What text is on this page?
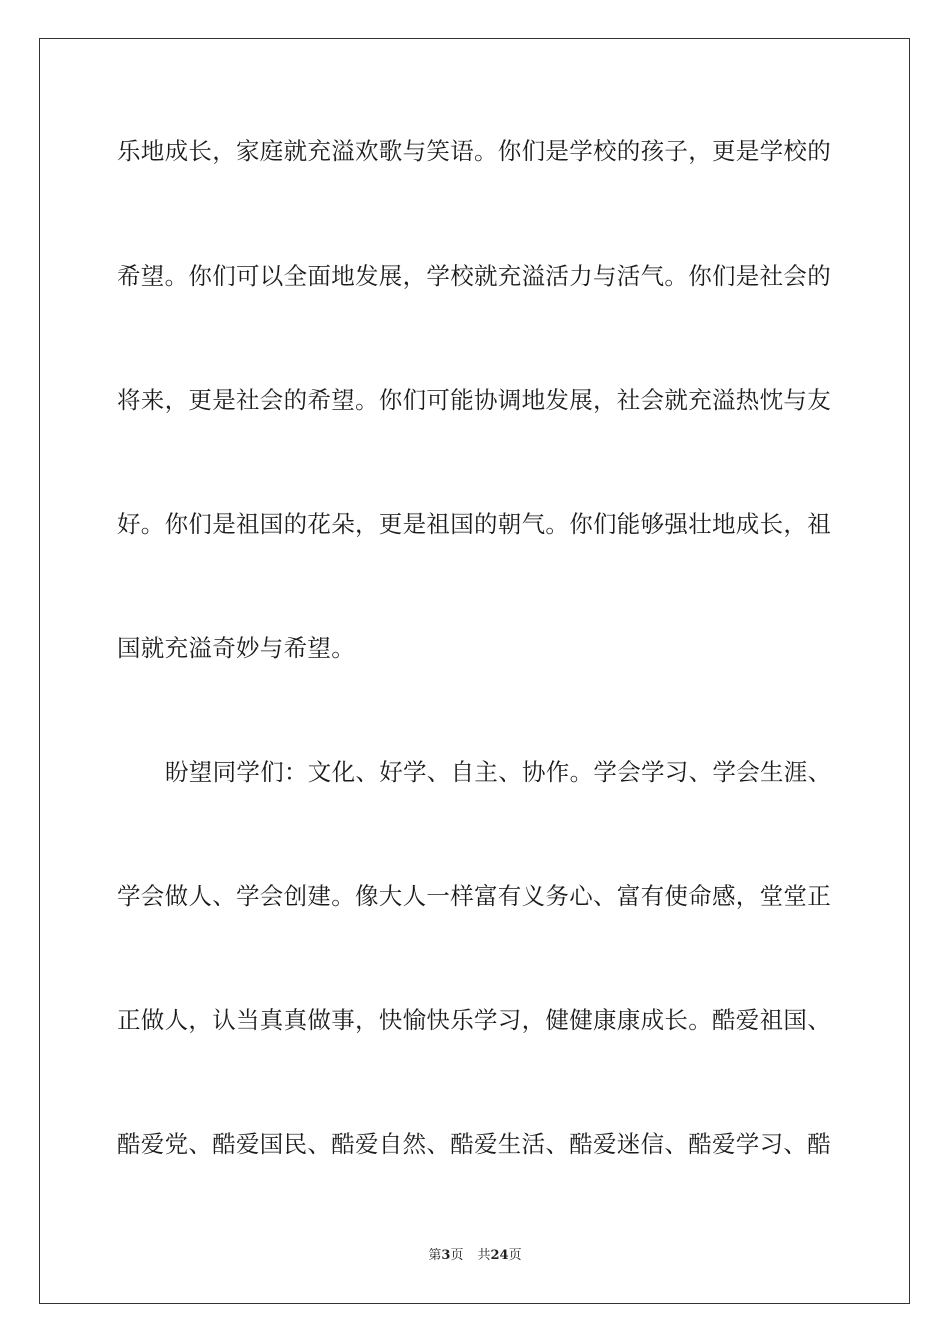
乐地成长，家庭就充溢欢歌与笑语。你们是学校的孩子，更是学校的
希望。你们可以全面地发展，学校就充溢活力与活气。你们是社会的
将来，更是社会的希望。你们可能协调地发展，社会就充溢热忱与友
好。你们是祖国的花朵，更是祖国的朝气。你们能够强壮地成长，祖
国就充溢奇妙与希望。
盼望同学们：文化、好学、自主、协作。学会学习、学会生涯、
学会做人、学会创建。像大人一样富有义务心、富有使命感，堂堂正
正做人，认当真真做事，快愉快乐学习，健健康康成长。酷爱祖国、
酷爱党、酷爱国民、酷爱自然、酷爱生活、酷爱迷信、酷爱学习、酷
第3页 共24页
